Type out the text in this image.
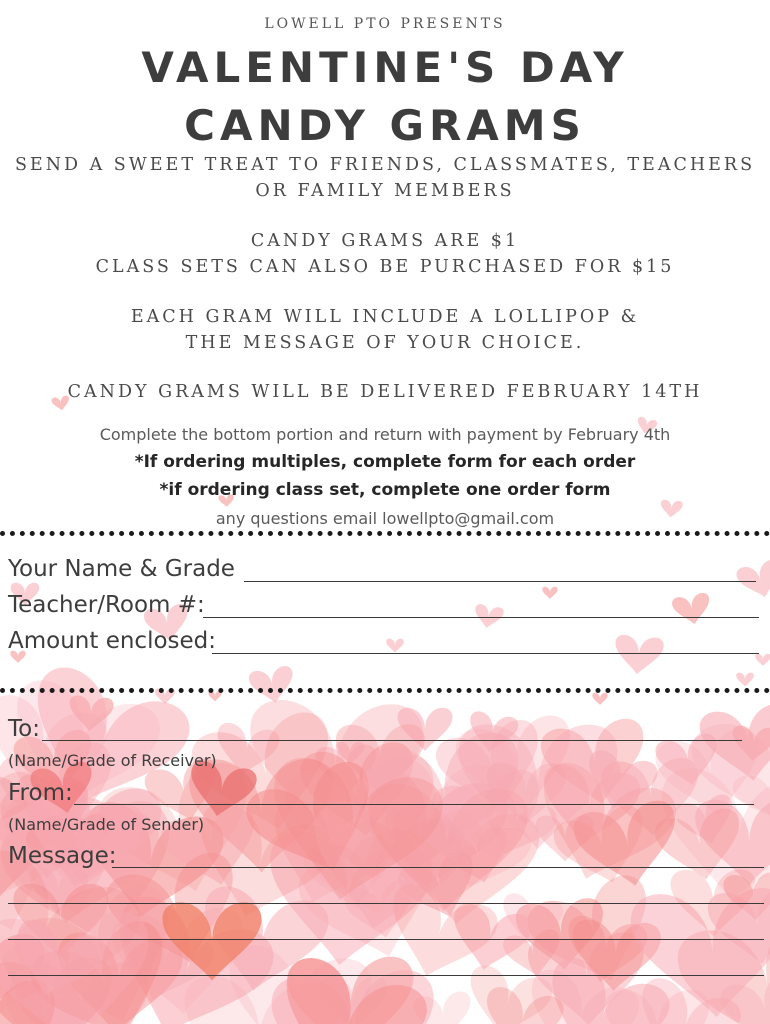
LOWELL PTO PRESENTS
VALENTINE'S DAY
CANDY GRAMS
SEND A SWEET TREAT TO FRIENDS, CLASSMATES, TEACHERS
OR FAMILY MEMBERS
CANDY GRAMS ARE $1
CLASS SETS CAN ALSO BE PURCHASED FOR $15
EACH GRAM WILL INCLUDE A LOLLIPOP &
THE MESSAGE OF YOUR CHOICE.
CANDY GRAMS WILL BE DELIVERED FEBRUARY 14TH
Complete the bottom portion and return with payment by February 4th
*If ordering multiples, complete form for each order
*if ordering class set, complete one order form
any questions email lowellpto@gmail.com
Your Name & Grade
Teacher/Room #:
Amount enclosed:
To:
(Name/Grade of Receiver)
From:
(Name/Grade of Sender)
Message:
